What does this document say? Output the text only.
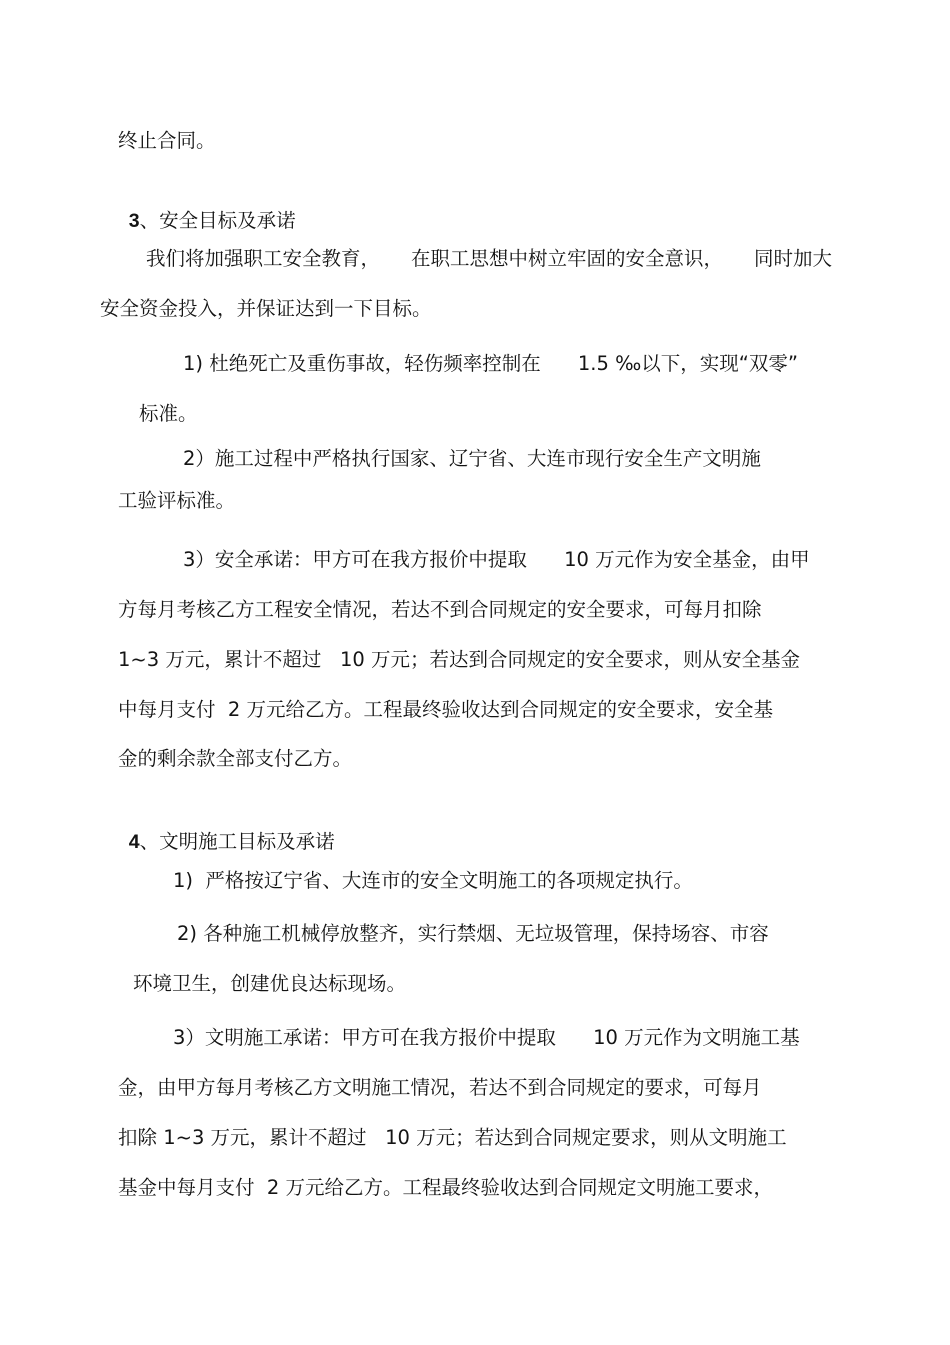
终止合同。

3、安全目标及承诺

我们将加强职工安全教育，     在职工思想中树立牢固的安全意识，     同时加大
安全资金投入，并保证达到一下目标。
1) 杜绝死亡及重伤事故，轻伤频率控制在      1.5 ‰以下，实现“双零”
标准。
2）施工过程中严格执行国家、辽宁省、大连市现行安全生产文明施
工验评标准。
3）安全承诺：甲方可在我方报价中提取      10 万元作为安全基金，由甲
方每月考核乙方工程安全情况，若达不到合同规定的安全要求，可每月扣除
1~3 万元，累计不超过   10 万元；若达到合同规定的安全要求，则从安全基金
中每月支付  2 万元给乙方。工程最终验收达到合同规定的安全要求，安全基
金的剩余款全部支付乙方。

4、文明施工目标及承诺

1)  严格按辽宁省、大连市的安全文明施工的各项规定执行。
2) 各种施工机械停放整齐，实行禁烟、无垃圾管理，保持场容、市容
环境卫生，创建优良达标现场。
3）文明施工承诺：甲方可在我方报价中提取      10 万元作为文明施工基
金，由甲方每月考核乙方文明施工情况，若达不到合同规定的要求，可每月
扣除 1~3 万元，累计不超过   10 万元；若达到合同规定要求，则从文明施工
基金中每月支付  2 万元给乙方。工程最终验收达到合同规定文明施工要求，
